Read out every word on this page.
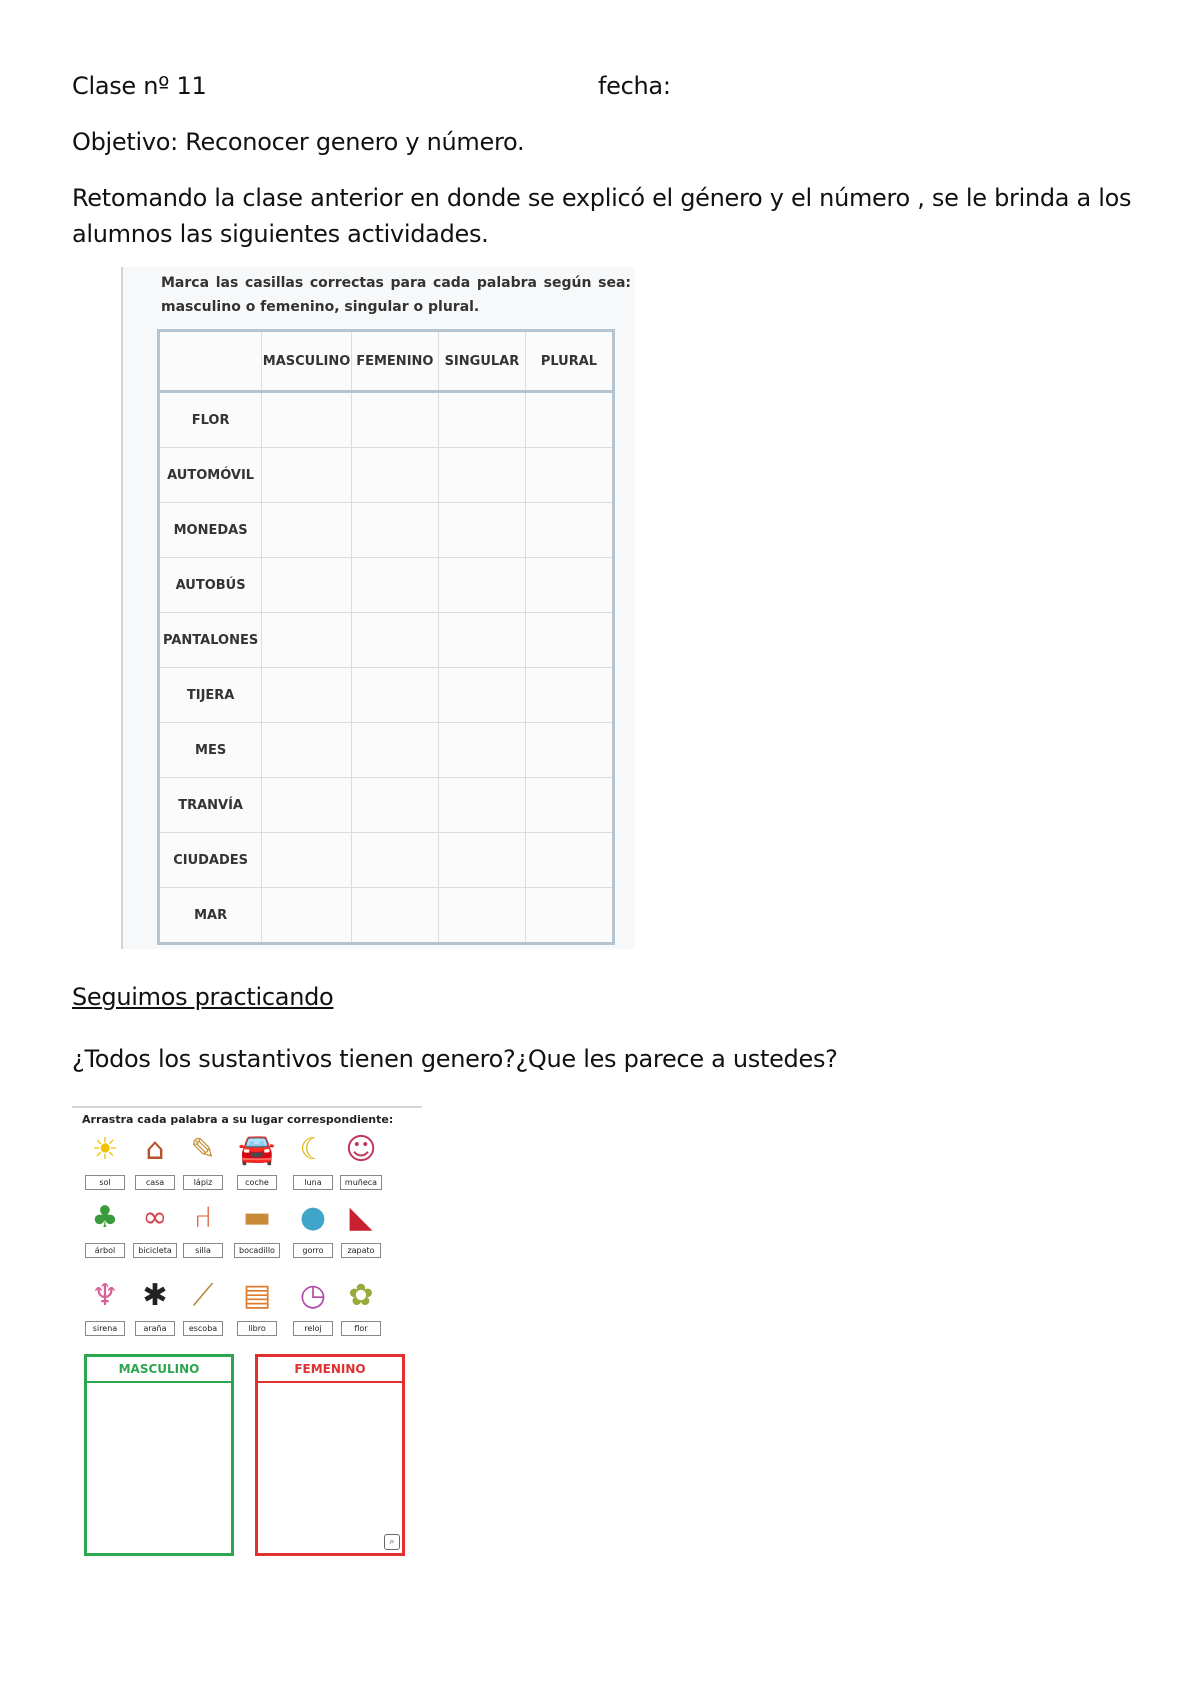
Clase nº 11	fecha:
Objetivo: Reconocer genero y número.
Retomando la clase anterior en donde se explicó el género y el número , se le brinda a los alumnos las siguientes actividades.
Marca las casillas correctas para cada palabra según sea: masculino o femenino, singular o plural.
	MASCULINO	FEMENINO	SINGULAR	PLURAL
FLOR				
AUTOMÓVIL				
MONEDAS				
AUTOBÚS				
PANTALONES				
TIJERA				
MES				
TRANVÍA				
CIUDADES				
MAR				
Seguimos practicando
¿Todos los sustantivos tienen genero?¿Que les parece a ustedes?
Arrastra cada palabra a su lugar correspondiente:
☀
sol
⌂
casa
✎
lápiz
🚘
coche
☾
luna
☺
muñeca
♣
árbol
∞
bicicleta
⑁
silla
▬
bocadillo
●
gorro
◣
zapato
♆
sirena
✱
araña
⟋
escoba
▤
libro
◷
reloj
✿
flor
MASCULINO	FEMENINO
⌕
